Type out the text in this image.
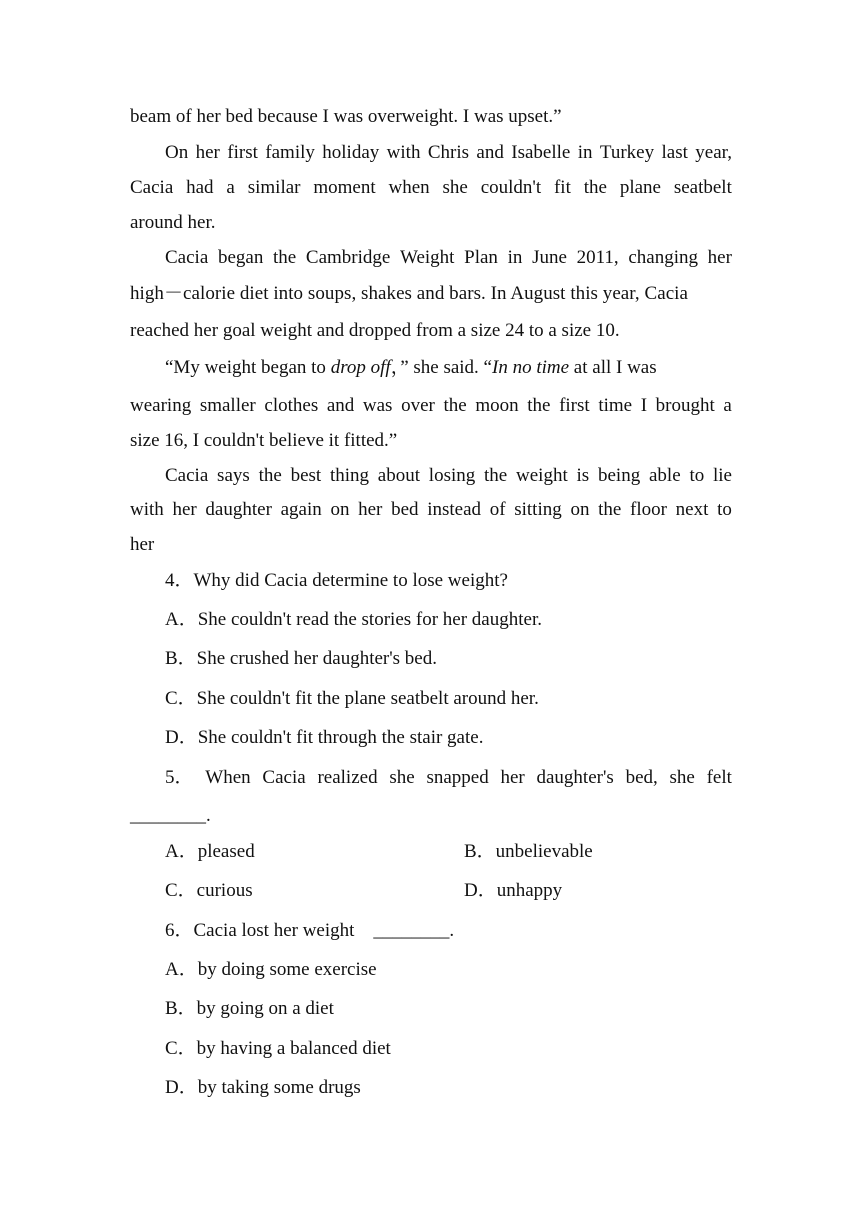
beam of her bed because I was overweight. I was upset.”
On her first family holiday with Chris and Isabelle in Turkey last year,
Cacia had a similar moment when she couldn't fit the plane seatbelt
around her.
Cacia began the Cambridge Weight Plan in June 2011, changing her
high－calorie diet into soups, shakes and bars. In August this year, Cacia
reached her goal weight and dropped from a size 24 to a size 10.
“My weight began to drop off，” she said. “In no time at all I was
wearing smaller clothes and was over the moon the first time I brought a
size 16, I couldn't believe it fitted.”
Cacia says the best thing about losing the weight is being able to lie
with her daughter again on her bed instead of sitting on the floor next to
her
4．Why did Cacia determine to lose weight?
A．She couldn't read the stories for her daughter.
B．She crushed her daughter's bed.
C．She couldn't fit the plane seatbelt around her.
D．She couldn't fit through the stair gate.
5． When Cacia realized she snapped her daughter's bed, she felt
________.
A．pleased	B．unbelievable
C．curious	D．unhappy
6．Cacia lost her weight　________.
A．by doing some exercise
B．by going on a diet
C．by having a balanced diet
D．by taking some drugs
